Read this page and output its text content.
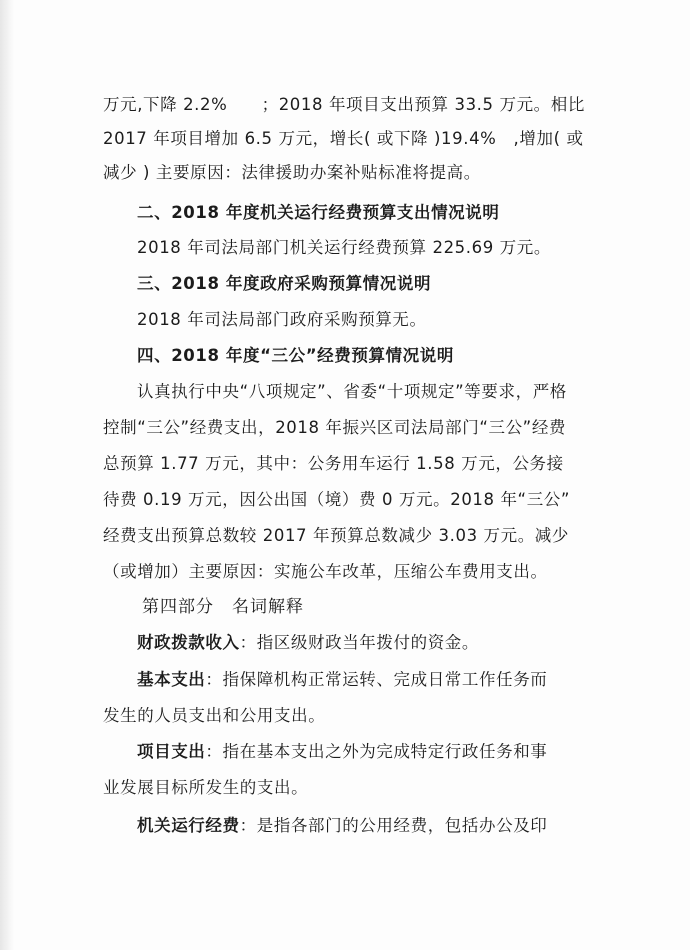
万元,下降 2.2%　　；2018 年项目支出预算 33.5 万元。相比
2017 年项目增加 6.5 万元，增长( 或下降 )19.4%　,增加( 或
减少 ) 主要原因：法律援助办案补贴标准将提高。
二、2018 年度机关运行经费预算支出情况说明
2018 年司法局部门机关运行经费预算 225.69 万元。
三、2018 年度政府采购预算情况说明
2018 年司法局部门政府采购预算无。
四、2018 年度“三公”经费预算情况说明
认真执行中央“八项规定”、省委“十项规定”等要求，严格
控制“三公”经费支出，2018 年振兴区司法局部门“三公”经费
总预算 1.77 万元，其中：公务用车运行 1.58 万元，公务接
待费 0.19 万元，因公出国（境）费 0 万元。2018 年“三公”
经费支出预算总数较 2017 年预算总数减少 3.03 万元。减少
（或增加）主要原因：实施公车改革，压缩公车费用支出。
第四部分　名词解释
财政拨款收入：指区级财政当年拨付的资金。
基本支出：指保障机构正常运转、完成日常工作任务而
发生的人员支出和公用支出。
项目支出：指在基本支出之外为完成特定行政任务和事
业发展目标所发生的支出。
机关运行经费：是指各部门的公用经费，包括办公及印
